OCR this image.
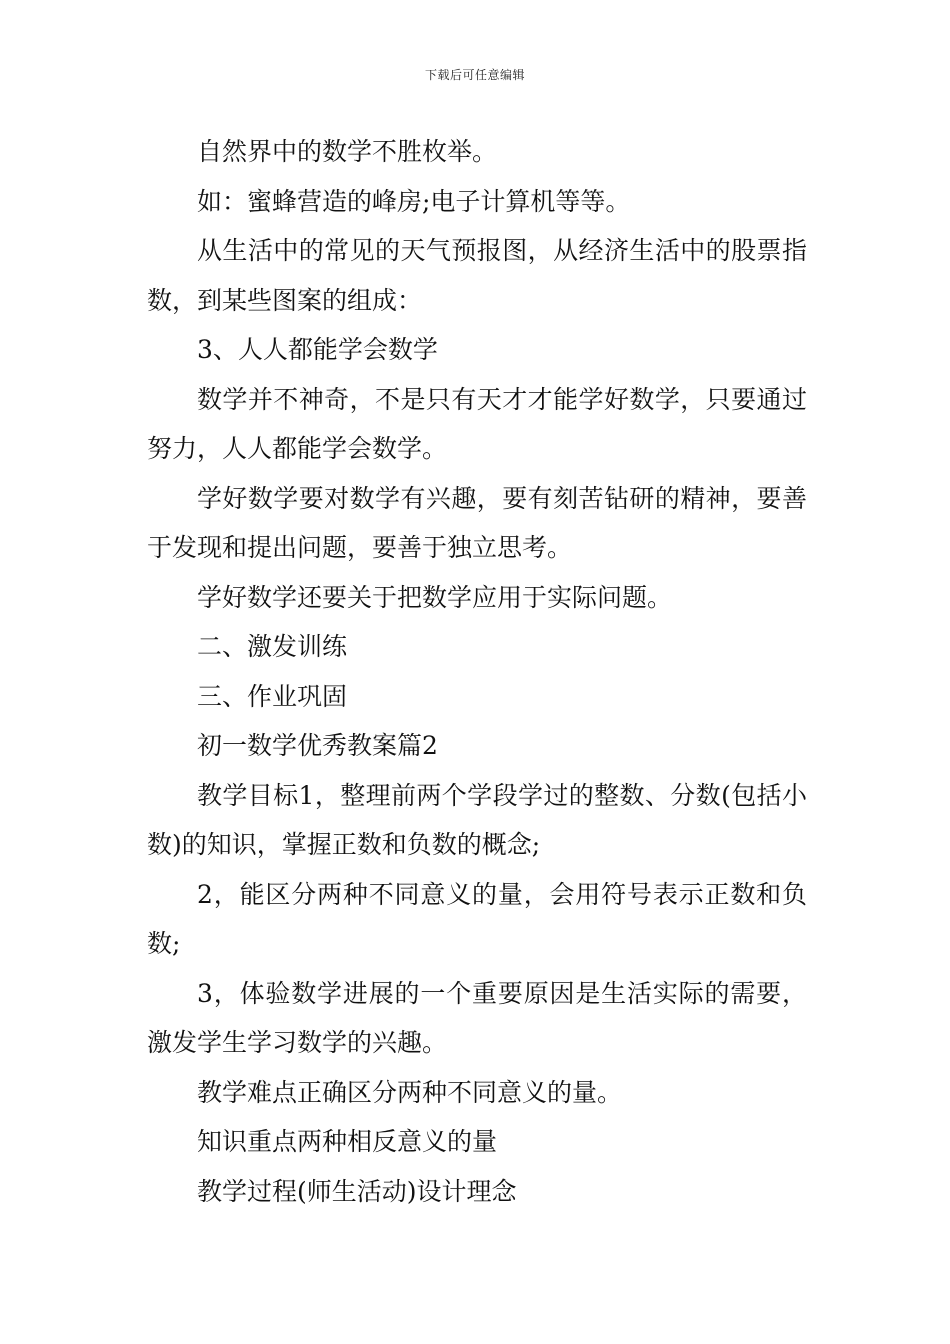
下载后可任意编辑

自然界中的数学不胜枚举。

如：蜜蜂营造的峰房;电子计算机等等。

从生活中的常见的天气预报图，从经济生活中的股票指数，到某些图案的组成：

3、人人都能学会数学

数学并不神奇，不是只有天才才能学好数学，只要通过努力，人人都能学会数学。

学好数学要对数学有兴趣，要有刻苦钻研的精神，要善于发现和提出问题，要善于独立思考。

学好数学还要关于把数学应用于实际问题。

二、激发训练

三、作业巩固

初一数学优秀教案篇2

教学目标1，整理前两个学段学过的整数、分数(包括小数)的知识，掌握正数和负数的概念;

2，能区分两种不同意义的量，会用符号表示正数和负数;

3，体验数学进展的一个重要原因是生活实际的需要，激发学生学习数学的兴趣。

教学难点正确区分两种不同意义的量。

知识重点两种相反意义的量

教学过程(师生活动)设计理念
